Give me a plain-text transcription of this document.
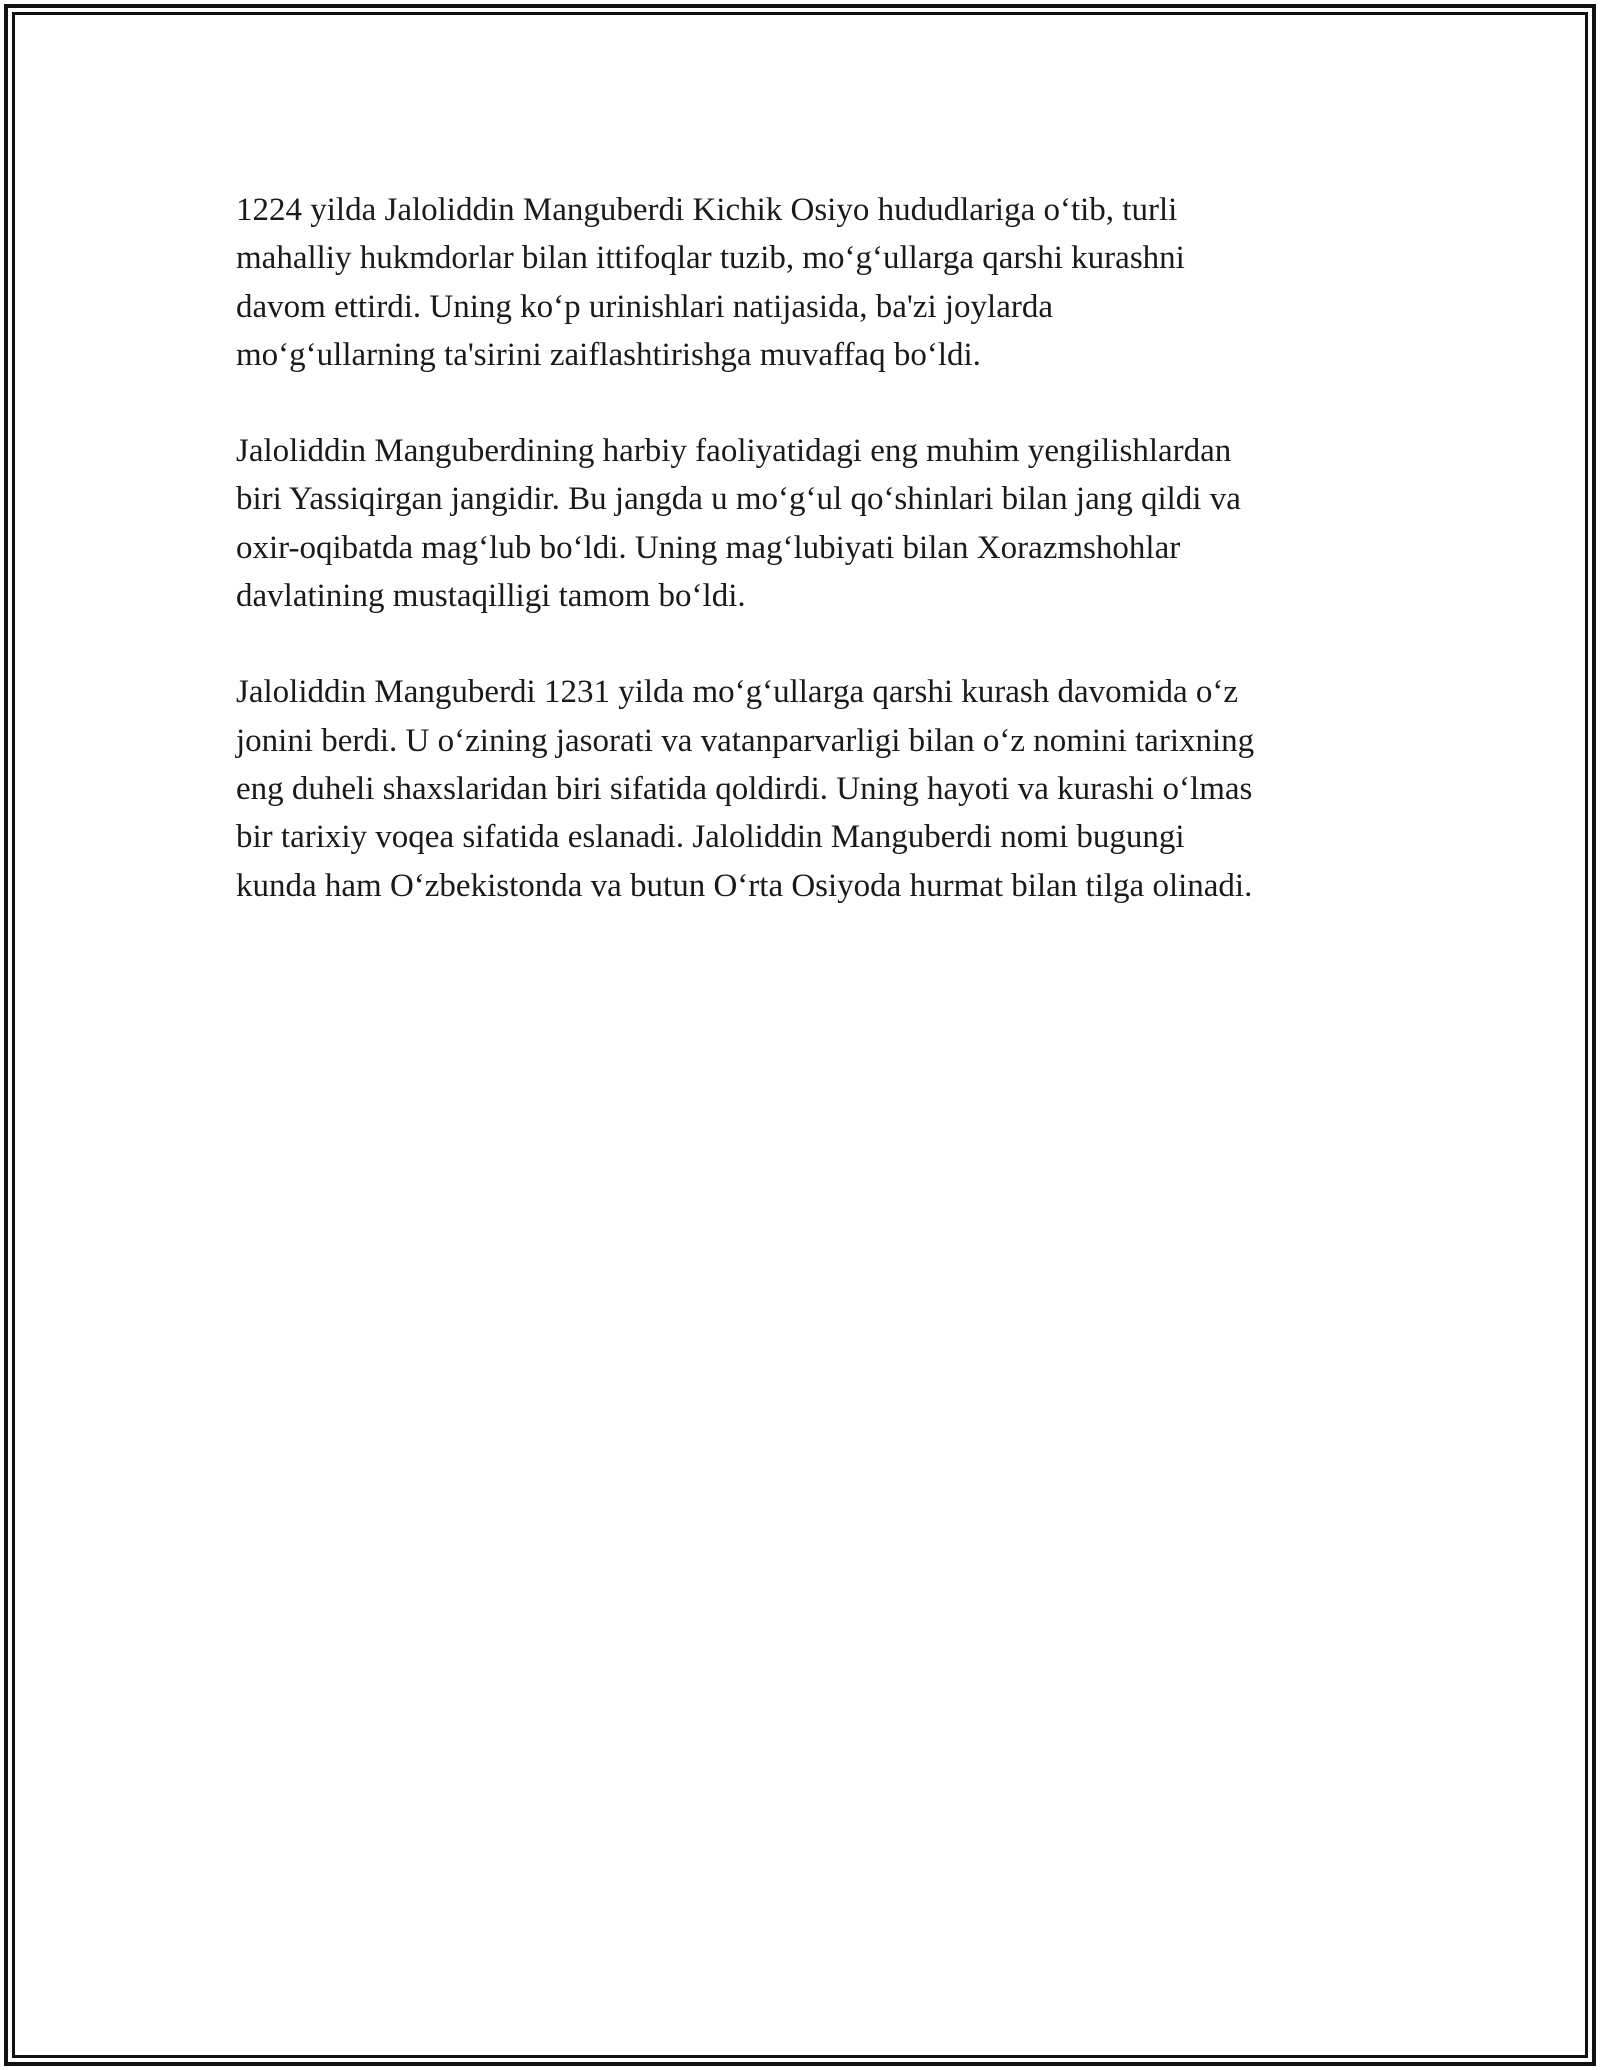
1224 yilda Jaloliddin Manguberdi Kichik Osiyo hududlariga o‘tib, turli
mahalliy hukmdorlar bilan ittifoqlar tuzib, mo‘g‘ullarga qarshi kurashni
davom ettirdi. Uning ko‘p urinishlari natijasida, ba'zi joylarda
mo‘g‘ullarning ta'sirini zaiflashtirishga muvaffaq bo‘ldi.

Jaloliddin Manguberdining harbiy faoliyatidagi eng muhim yengilishlardan
biri Yassiqirgan jangidir. Bu jangda u mo‘g‘ul qo‘shinlari bilan jang qildi va
oxir-oqibatda mag‘lub bo‘ldi. Uning mag‘lubiyati bilan Xorazmshohlar
davlatining mustaqilligi tamom bo‘ldi.

Jaloliddin Manguberdi 1231 yilda mo‘g‘ullarga qarshi kurash davomida o‘z
jonini berdi. U o‘zining jasorati va vatanparvarligi bilan o‘z nomini tarixning
eng duheli shaxslaridan biri sifatida qoldirdi. Uning hayoti va kurashi o‘lmas
bir tarixiy voqea sifatida eslanadi. Jaloliddin Manguberdi nomi bugungi
kunda ham O‘zbekistonda va butun O‘rta Osiyoda hurmat bilan tilga olinadi.
